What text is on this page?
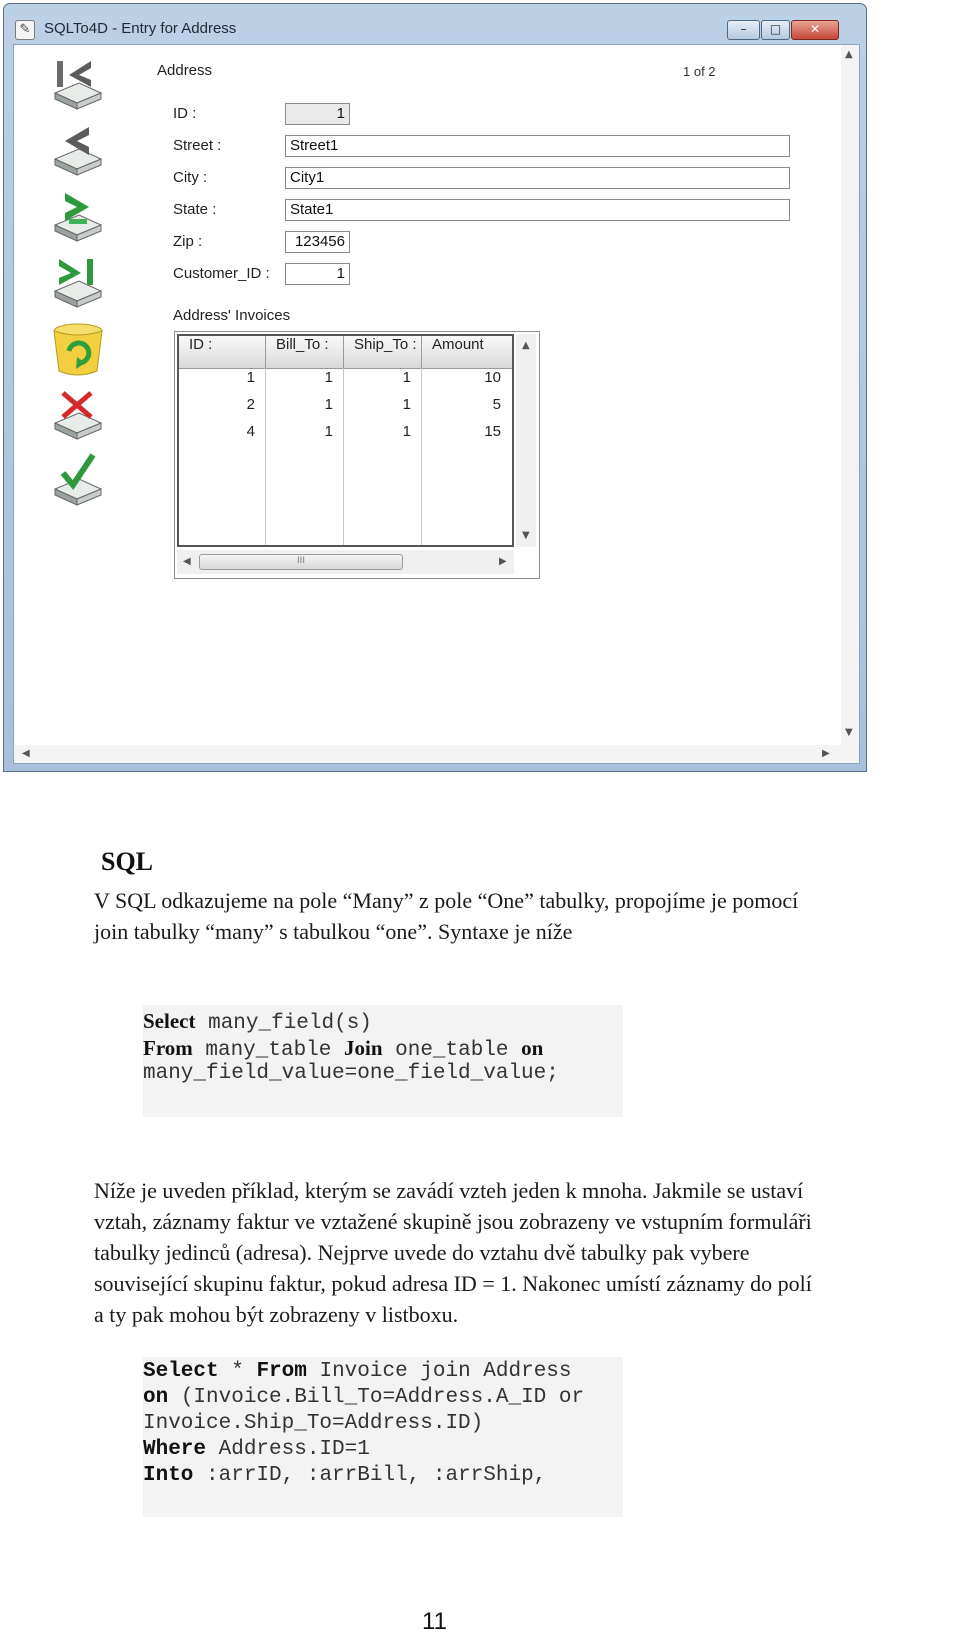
✎ SQLTo4D - Entry for Address	–	□	✕
Address	1 of 2
ID :	1
Street :	Street1
City :	City1
State :	State1
Zip :	123456
Customer_ID :	1
Address' Invoices
ID :	Bill_To :	Ship_To :	Amount
1	1	1	10
2	1	1	5
4	1	1	15
▲
▼
◀	III	▶
▲
▼
◀	▶
SQL
V SQL odkazujeme na pole “Many” z pole “One” tabulky, propojíme je pomocí
join tabulky “many” s tabulkou “one”. Syntaxe je níže
Select many_field(s)
From many_table Join one_table on
many_field_value=one_field_value;
Níže je uveden příklad, kterým se zavádí vzteh jeden k mnoha. Jakmile se ustaví
vztah, záznamy faktur ve vztažené skupině jsou zobrazeny ve vstupním formuláři
tabulky jedinců (adresa). Nejprve uvede do vztahu dvě tabulky pak vybere
související skupinu faktur, pokud adresa ID = 1. Nakonec umístí záznamy do polí
a ty pak mohou být zobrazeny v listboxu.
Select * From Invoice join Address
on (Invoice.Bill_To=Address.A_ID or
Invoice.Ship_To=Address.ID)
Where Address.ID=1
Into :arrID, :arrBill, :arrShip,
11
